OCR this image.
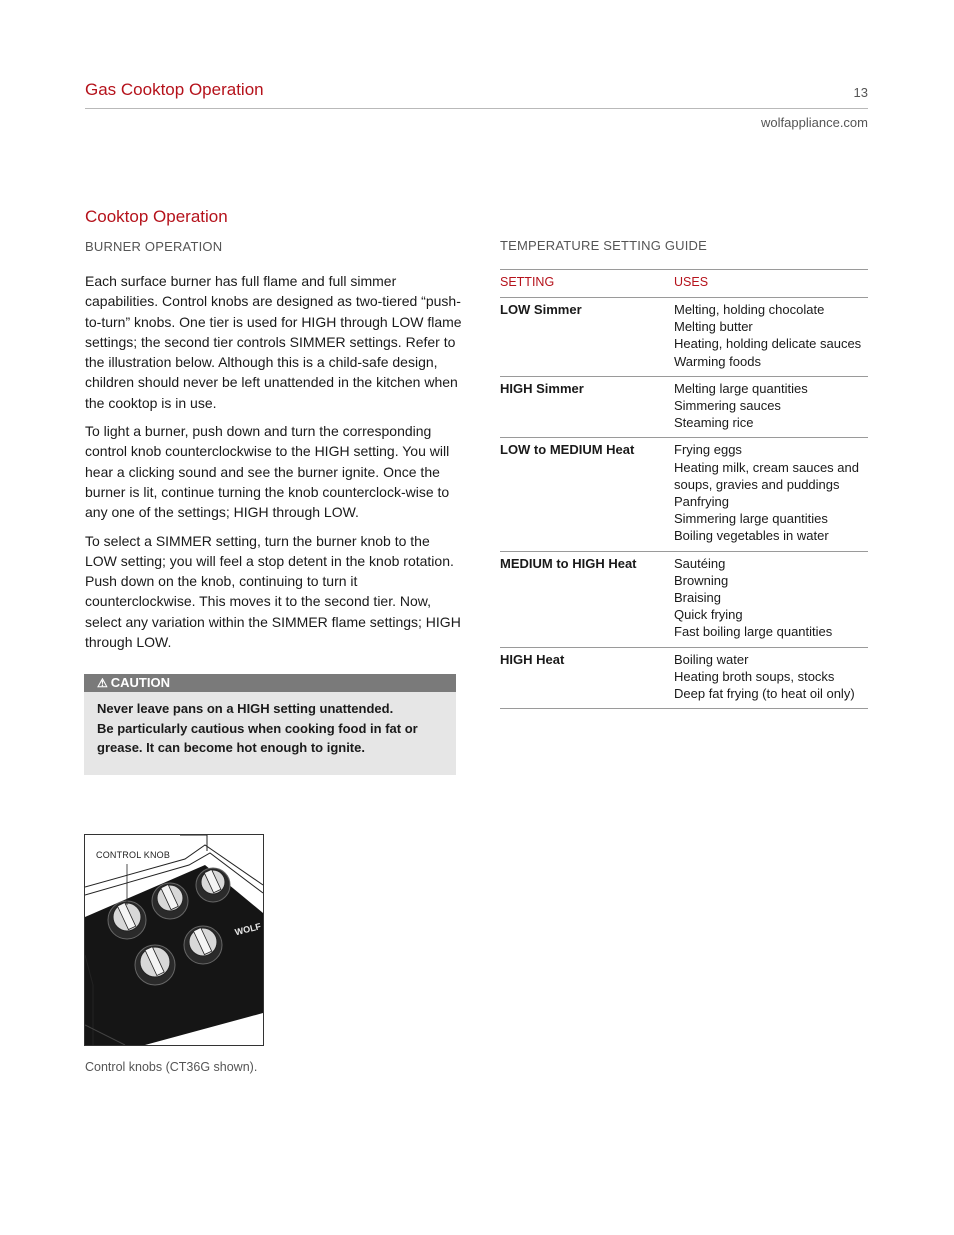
Gas Cooktop Operation	13
wolfappliance.com
Cooktop Operation
BURNER OPERATION

Each surface burner has full flame and full simmer capabilities. Control knobs are designed as two-tiered “push-to-turn” knobs. One tier is used for HIGH through LOW flame settings; the second tier controls SIMMER settings. Refer to the illustration below. Although this is a child-safe design, children should never be left unattended in the kitchen when the cooktop is in use.

To light a burner, push down and turn the corresponding control knob counterclockwise to the HIGH setting. You will hear a clicking sound and see the burner ignite. Once the burner is lit, continue turning the knob counterclock-wise to any one of the settings; HIGH through LOW.

To select a SIMMER setting, turn the burner knob to the LOW setting; you will feel a stop detent in the knob rotation. Push down on the knob, continuing to turn it counterclockwise. This moves it to the second tier. Now, select any variation within the SIMMER flame settings; HIGH through LOW.

⚠ CAUTION
Never leave pans on a HIGH setting unattended.
Be particularly cautious when cooking food in fat or grease. It can become hot enough to ignite.
WOLF
CONTROL KNOB
Control knobs (CT36G shown).
TEMPERATURE SETTING GUIDE
SETTING	USES
LOW Simmer	Melting, holding chocolate
Melting butter
Heating, holding delicate sauces
Warming foods

HIGH Simmer	Melting large quantities
Simmering sauces
Steaming rice

LOW to MEDIUM Heat	Frying eggs
Heating milk, cream sauces and soups, gravies and puddings
Panfrying
Simmering large quantities
Boiling vegetables in water

MEDIUM to HIGH Heat	Sautéing
Browning
Braising
Quick frying
Fast boiling large quantities

HIGH Heat	Boiling water
Heating broth soups, stocks
Deep fat frying (to heat oil only)
